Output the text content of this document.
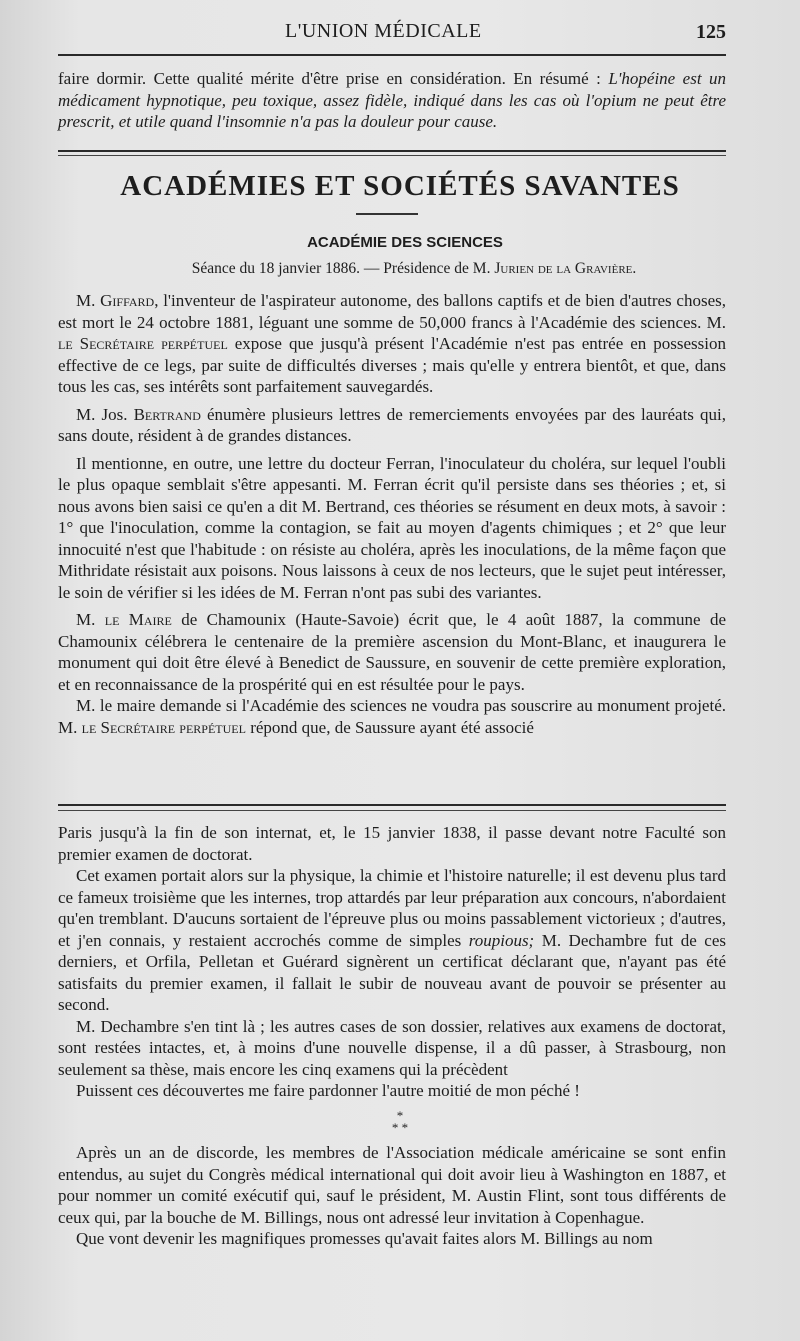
L'UNION MÉDICALE	125

faire dormir. Cette qualité mérite d'être prise en considération. En résumé : L'hopéine est un médicament hypnotique, peu toxique, assez fidèle, indiqué dans les cas où l'opium ne peut être prescrit, et utile quand l'insomnie n'a pas la douleur pour cause.

ACADÉMIES ET SOCIÉTÉS SAVANTES
ACADÉMIE DES SCIENCES
Séance du 18 janvier 1886. — Présidence de M. Jurien de la Gravière.

M. Giffard, l'inventeur de l'aspirateur autonome, des ballons captifs et de bien d'autres choses, est mort le 24 octobre 1881, léguant une somme de 50,000 francs à l'Académie des sciences. M. le Secrétaire perpétuel expose que jusqu'à présent l'Académie n'est pas entrée en possession effective de ce legs, par suite de difficultés diverses ; mais qu'elle y entrera bientôt, et que, dans tous les cas, ses intérêts sont parfaitement sauvegardés.

M. Jos. Bertrand énumère plusieurs lettres de remerciements envoyées par des lauréats qui, sans doute, résident à de grandes distances.

Il mentionne, en outre, une lettre du docteur Ferran, l'inoculateur du choléra, sur lequel l'oubli le plus opaque semblait s'être appesanti. M. Ferran écrit qu'il persiste dans ses théories ; et, si nous avons bien saisi ce qu'en a dit M. Bertrand, ces théories se résument en deux mots, à savoir : 1° que l'inoculation, comme la contagion, se fait au moyen d'agents chimiques ; et 2° que leur innocuité n'est que l'habitude : on résiste au choléra, après les inoculations, de la même façon que Mithridate résistait aux poisons. Nous laissons à ceux de nos lecteurs, que le sujet peut intéresser, le soin de vérifier si les idées de M. Ferran n'ont pas subi des variantes.

M. le Maire de Chamounix (Haute-Savoie) écrit que, le 4 août 1887, la commune de Chamounix célébrera le centenaire de la première ascension du Mont-Blanc, et inaugurera le monument qui doit être élevé à Benedict de Saussure, en souvenir de cette première exploration, et en reconnaissance de la prospérité qui en est résultée pour le pays.

M. le maire demande si l'Académie des sciences ne voudra pas souscrire au monument projeté. M. le Secrétaire perpétuel répond que, de Saussure ayant été associé

Paris jusqu'à la fin de son internat, et, le 15 janvier 1838, il passe devant notre Faculté son premier examen de doctorat.

Cet examen portait alors sur la physique, la chimie et l'histoire naturelle; il est devenu plus tard ce fameux troisième que les internes, trop attardés par leur préparation aux concours, n'abordaient qu'en tremblant. D'aucuns sortaient de l'épreuve plus ou moins passablement victorieux ; d'autres, et j'en connais, y restaient accrochés comme de simples roupious; M. Dechambre fut de ces derniers, et Orfila, Pelletan et Guérard signèrent un certificat déclarant que, n'ayant pas été satisfaits du premier examen, il fallait le subir de nouveau avant de pouvoir se présenter au second.

M. Dechambre s'en tint là ; les autres cases de son dossier, relatives aux examens de doctorat, sont restées intactes, et, à moins d'une nouvelle dispense, il a dû passer, à Strasbourg, non seulement sa thèse, mais encore les cinq examens qui la précèdent

Puissent ces découvertes me faire pardonner l'autre moitié de mon péché !

*
* *

Après un an de discorde, les membres de l'Association médicale américaine se sont enfin entendus, au sujet du Congrès médical international qui doit avoir lieu à Washington en 1887, et pour nommer un comité exécutif qui, sauf le président, M. Austin Flint, sont tous différents de ceux qui, par la bouche de M. Billings, nous ont adressé leur invitation à Copenhague.

Que vont devenir les magnifiques promesses qu'avait faites alors M. Billings au nom
